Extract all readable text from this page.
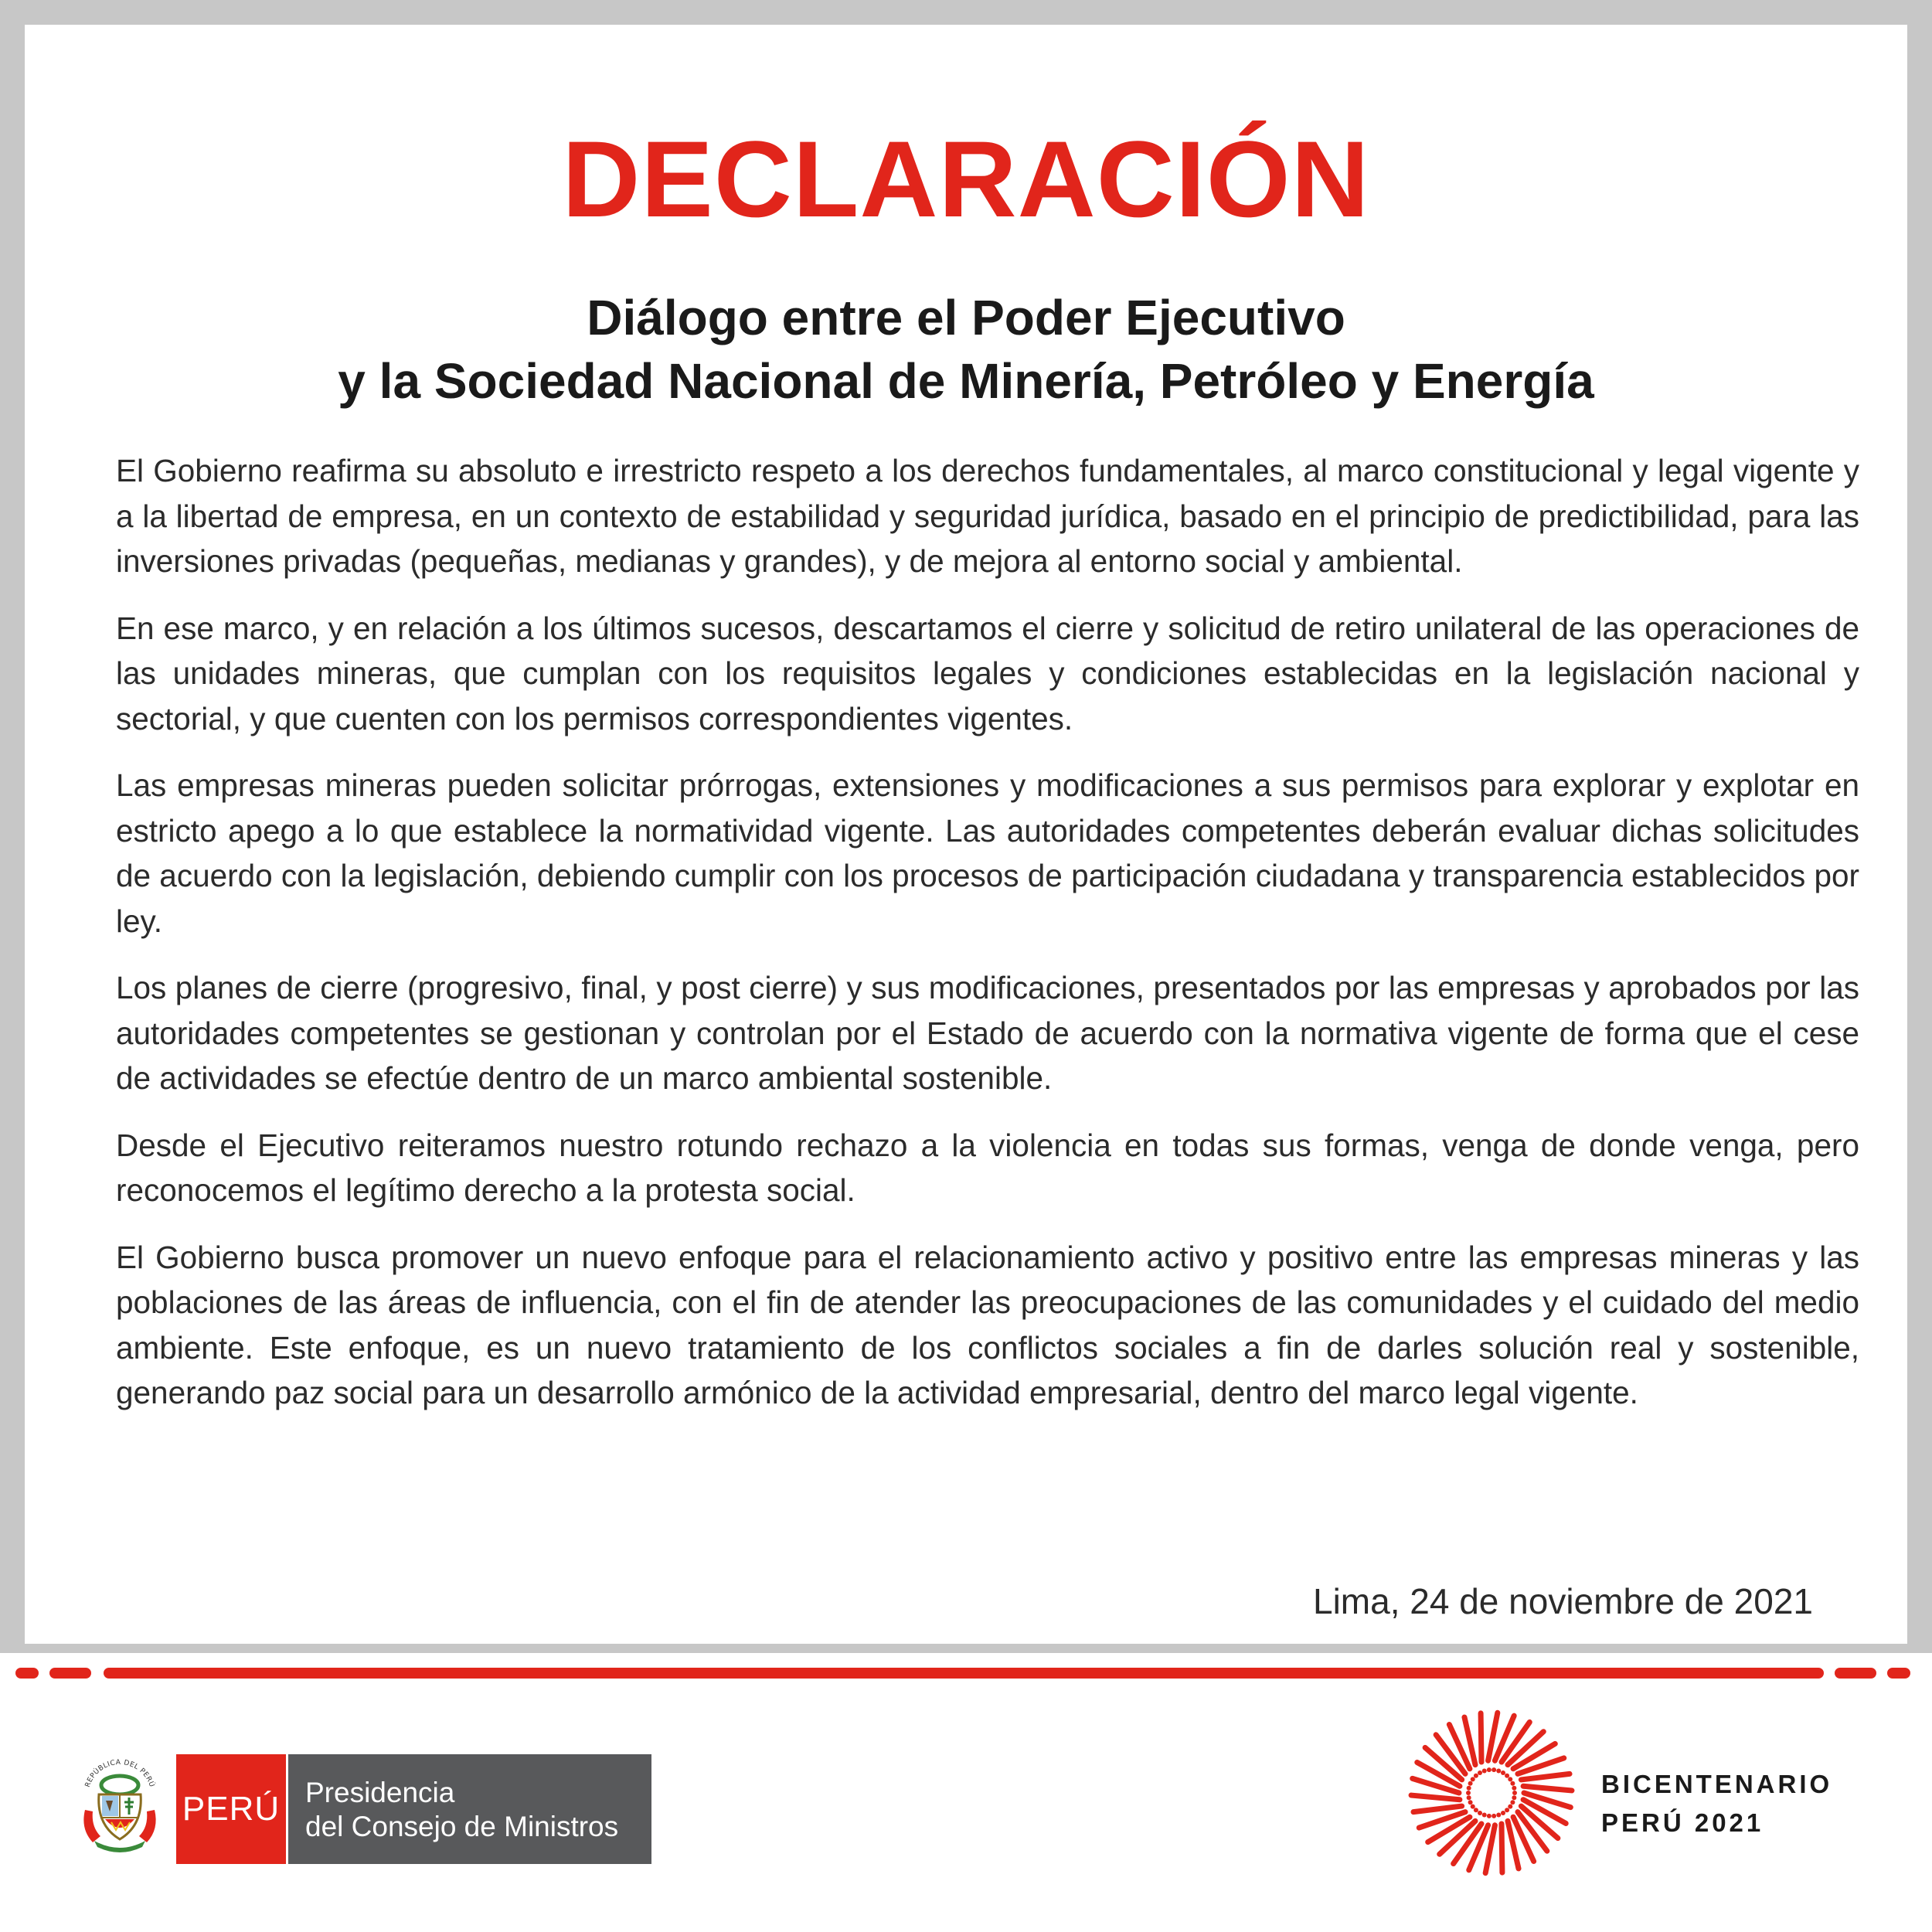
DECLARACIÓN
Diálogo entre el Poder Ejecutivo
y la Sociedad Nacional de Minería, Petróleo y Energía

El Gobierno reafirma su absoluto e irrestricto respeto a los derechos fundamentales, al marco constitucional y legal vigente y a la libertad de empresa, en un contexto de estabilidad y seguridad jurídica, basado en el principio de predictibilidad, para las inversiones privadas (pequeñas, medianas y grandes), y de mejora al entorno social y ambiental.

En ese marco, y en relación a los últimos sucesos, descartamos el cierre y solicitud de retiro unilateral de las operaciones de las unidades mineras, que cumplan con los requisitos legales y condiciones establecidas en la legislación nacional y sectorial, y que cuenten con los permisos correspondientes vigentes.

Las empresas mineras pueden solicitar prórrogas, extensiones y modificaciones a sus permisos para explorar y explotar en estricto apego a lo que establece la normatividad vigente. Las autoridades competentes deberán evaluar dichas solicitudes de acuerdo con la legislación, debiendo cumplir con los procesos de participación ciudadana y transparencia establecidos por ley.

Los planes de cierre (progresivo, final, y post cierre) y sus modificaciones, presentados por las empresas y aprobados por las autoridades competentes se gestionan y controlan por el Estado de acuerdo con la normativa vigente de forma que el cese de actividades se efectúe dentro de un marco ambiental sostenible.

Desde el Ejecutivo reiteramos nuestro rotundo rechazo a la violencia en todas sus formas, venga de donde venga, pero reconocemos el legítimo derecho a la protesta social.

El Gobierno busca promover un nuevo enfoque para el relacionamiento activo y positivo entre las empresas mineras y las poblaciones de las áreas de influencia, con el fin de atender las preocupaciones de las comunidades y el cuidado del medio ambiente. Este enfoque, es un nuevo tratamiento de los conflictos sociales a fin de darles solución real y sostenible, generando paz social para un desarrollo armónico de la actividad empresarial, dentro del marco legal vigente.

Lima, 24 de noviembre de 2021
REPÚBLICA DEL PERÚ
PERÚ Presidencia
del Consejo de Ministros
BICENTENARIO
PERÚ 2021
